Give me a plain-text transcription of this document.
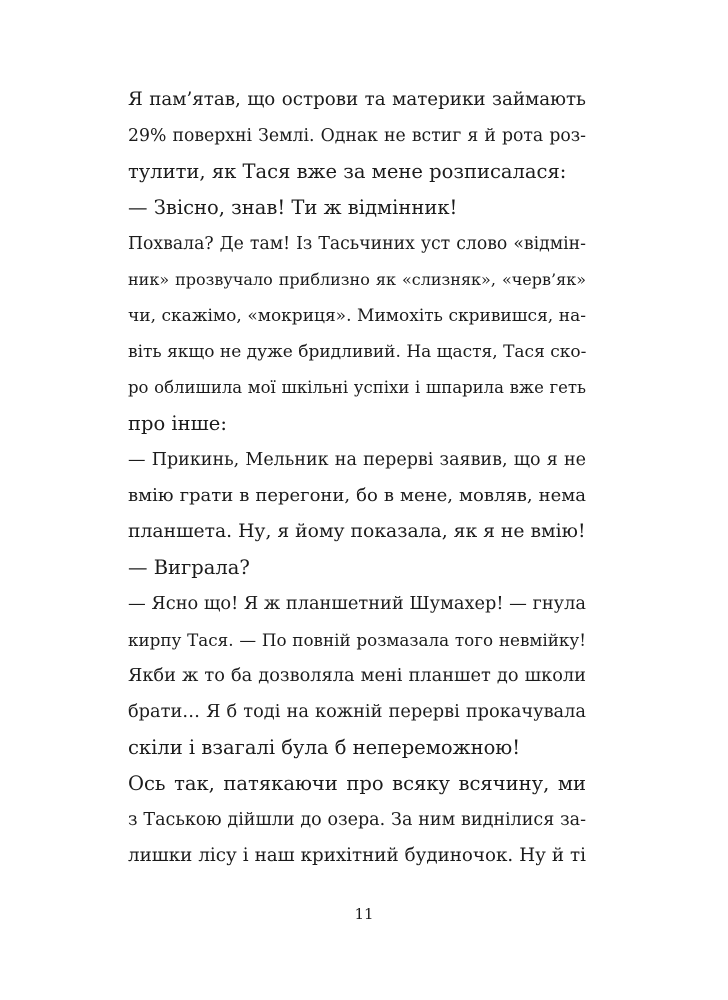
Я пам’ятав, що острови та материки займають
29% поверхні Землі. Однак не встиг я й рота роз-
тулити, як Тася вже за мене розписалася:
— Звісно, знав! Ти ж відмінник!
Похвала? Де там! Із Тасьчиних уст слово «відмін-
ник» прозвучало приблизно як «слизняк», «черв’як»
чи, скажімо, «мокриця». Мимохіть скривишся, на-
віть якщо не дуже бридливий. На щастя, Тася ско-
ро облишила мої шкільні успіхи і шпарила вже геть
про інше:
— Прикинь, Мельник на перерві заявив, що я не
вмію грати в перегони, бо в мене, мовляв, нема
планшета. Ну, я йому показала, як я не вмію!
— Виграла?
— Ясно що! Я ж планшетний Шумахер! — гнула
кирпу Тася. — По повній розмазала того невмійку!
Якби ж то ба дозволяла мені планшет до школи
брати… Я б тоді на кожній перерві прокачувала
скіли і взагалі була б непереможною!
Ось так, патякаючи про всяку всячину, ми
з Таською дійшли до озера. За ним виднілися за-
лишки лісу і наш крихітний будиночок. Ну й ті
11
